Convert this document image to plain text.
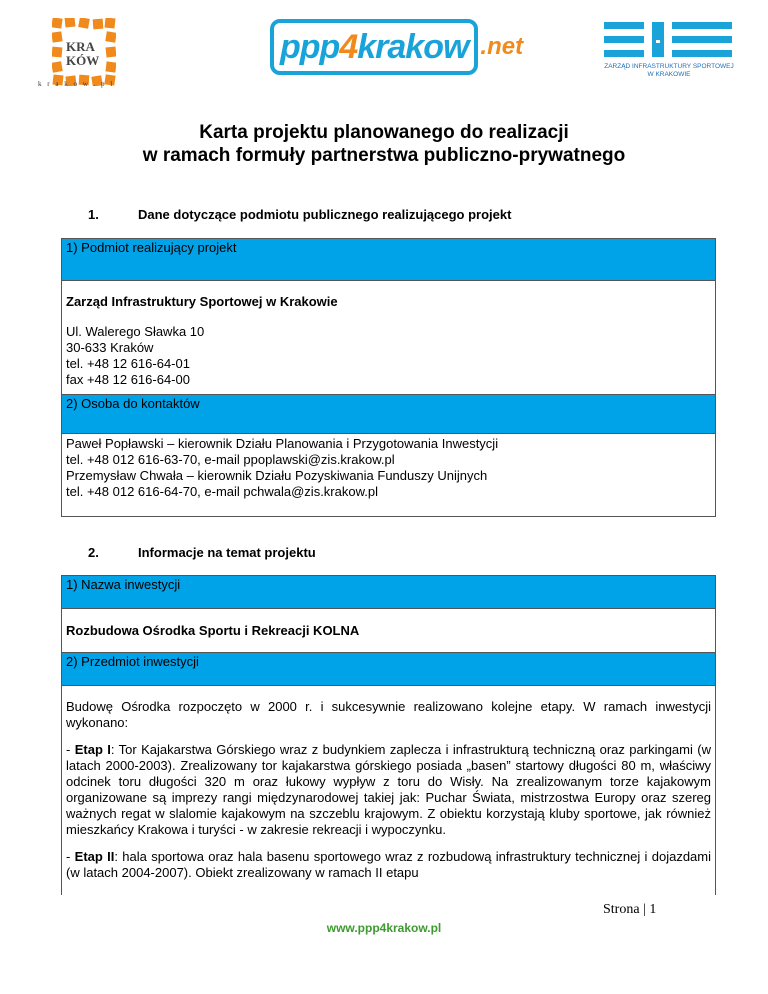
KRA
KÓW
k r a k o w . p l
ppp4krakow .net
ZARZĄD INFRASTRUKTURY SPORTOWEJ
W KRAKOWIE
Karta projektu planowanego do realizacji
w ramach formuły partnerstwa publiczno-prywatnego
1.	Dane dotyczące podmiotu publicznego realizującego projekt
1) Podmiot realizujący projekt
Zarząd Infrastruktury Sportowej w Krakowie
Ul. Walerego Sławka 10
30-633 Kraków
tel. +48 12 616-64-01
fax +48 12 616-64-00
2) Osoba do kontaktów
Paweł Popławski – kierownik Działu Planowania i Przygotowania Inwestycji
tel. +48 012 616-63-70, e-mail ppoplawski@zis.krakow.pl
Przemysław Chwała – kierownik Działu Pozyskiwania Funduszy Unijnych
tel. +48 012 616-64-70, e-mail pchwala@zis.krakow.pl
2.	Informacje na temat projektu
1) Nazwa inwestycji
Rozbudowa Ośrodka Sportu i Rekreacji KOLNA
2) Przedmiot inwestycji
Budowę Ośrodka rozpoczęto w 2000 r. i sukcesywnie realizowano kolejne etapy. W ramach inwestycji wykonano:
- Etap I: Tor Kajakarstwa Górskiego wraz z budynkiem zaplecza i infrastrukturą techniczną oraz parkingami (w latach 2000-2003). Zrealizowany tor kajakarstwa górskiego posiada „basen” startowy długości 80 m, właściwy odcinek toru długości 320 m oraz łukowy wypływ z toru do Wisły. Na zrealizowanym torze kajakowym organizowane są imprezy rangi międzynarodowej takiej jak: Puchar Świata, mistrzostwa Europy oraz szereg ważnych regat w slalomie kajakowym na szczeblu krajowym. Z obiektu korzystają kluby sportowe, jak również mieszkańcy Krakowa i turyści - w zakresie rekreacji i wypoczynku.
- Etap II: hala sportowa oraz hala basenu sportowego wraz z rozbudową infrastruktury technicznej i dojazdami (w latach 2004-2007). Obiekt zrealizowany w ramach II etapu
Strona | 1
www.ppp4krakow.pl
